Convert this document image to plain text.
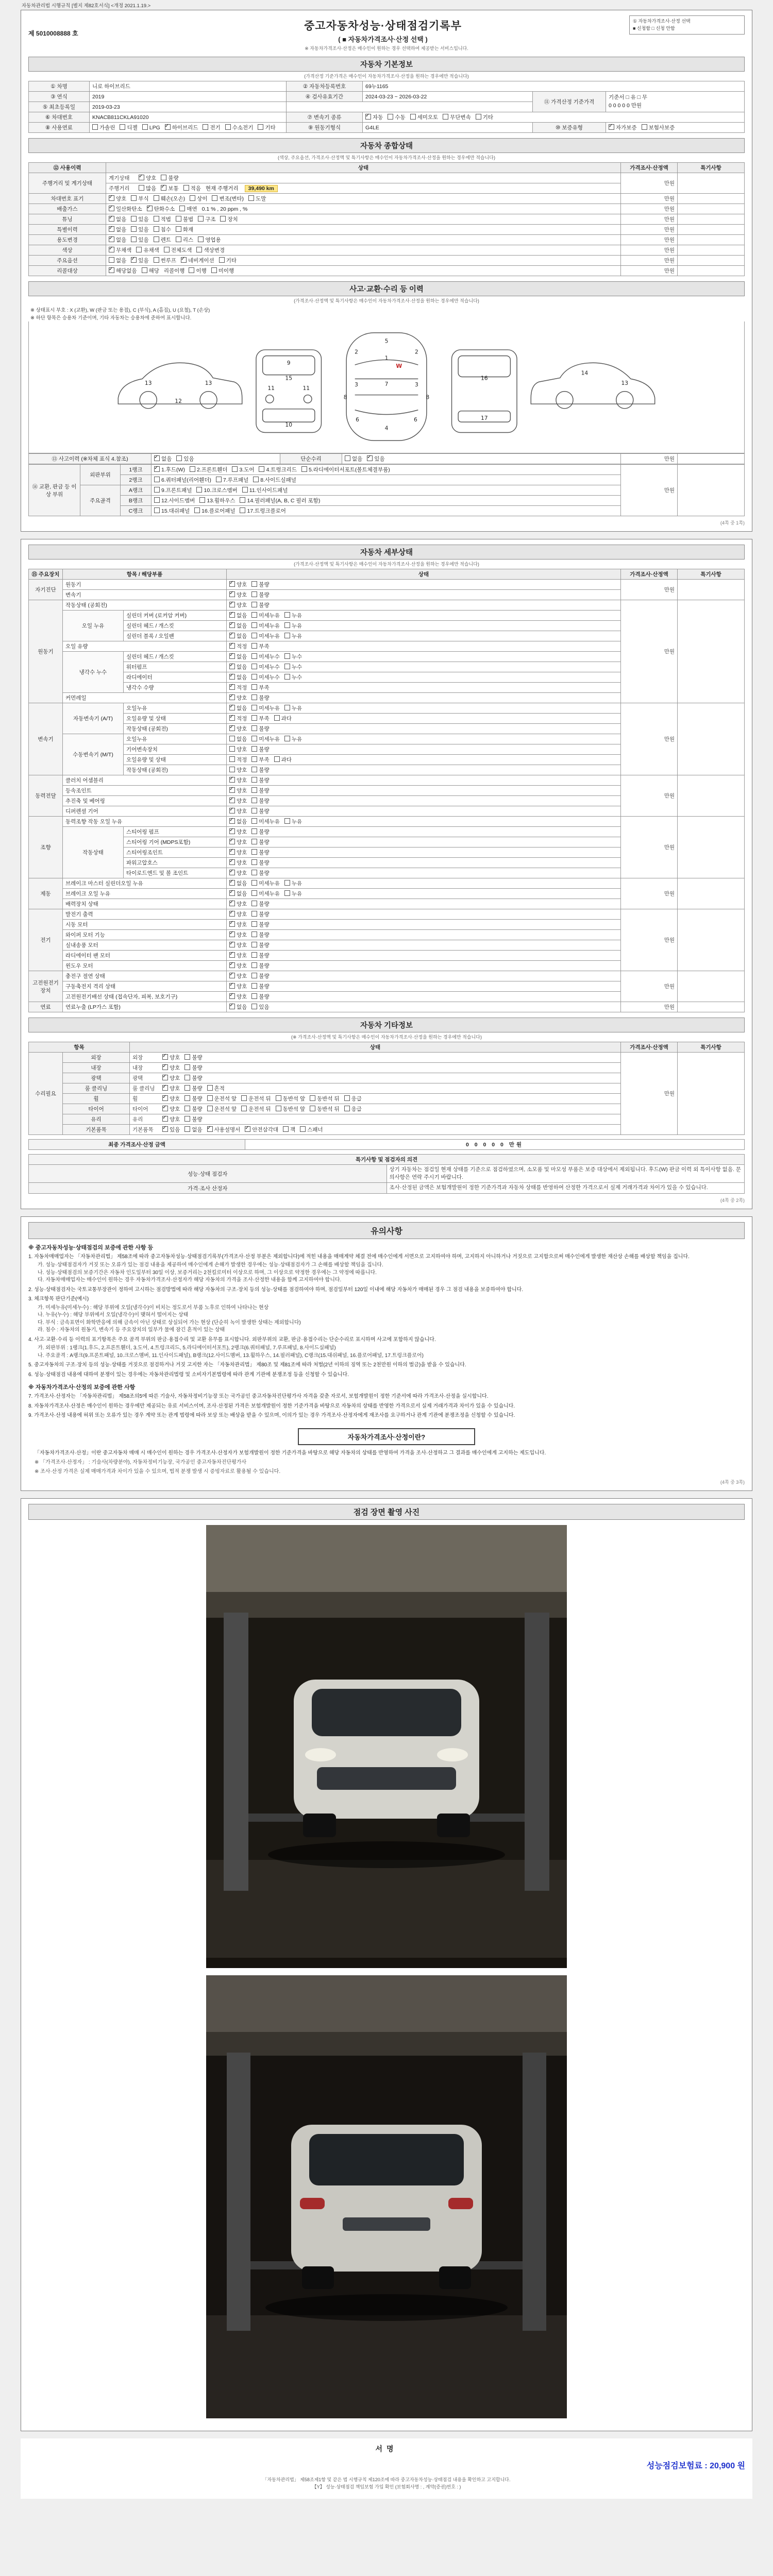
자동차관리법 시행규칙 [별지 제82호서식] <개정 2021.1.19.>
제 5010008888 호
중고자동차성능·상태점검기록부
( ■ 자동차가격조사·산정 선택 )
① 자동차가격조사·산정 선택
■ 신청함 □ 신청 안함
※ 자동차가격조사·산정은 매수인이 원하는 경우 선택하여 제공받는 서비스입니다.
자동차 기본정보
(가격산정 기준가격은 매수인이 자동차가격조사·산정을 원하는 경우에만 적습니다)
① 차명	니로 하이브리드	② 자동차등록번호	69누1165		
③ 연식	2019	④ 검사유효기간	2024-03-23 ~ 2026-03-22	⑪ 가격산정 기준가격	기준서 □ 유 □ 무
0 0 0 0 0 만원

⑤ 최초등록일	2019-03-23				
⑥ 차대번호	KNACB811CKLA91020	⑦ 변속기 종류	✓자동 수동 세미오토 무단변속 기타
⑧ 사용연료	가솔린 디젤 LPG ✓ 하이브리드 전기 수소전기 기타	⑨ 원동기형식	G4LE	⑩ 보증유형	✓자가보증 보험사보증
자동차 종합상태
(색상, 주요옵션, 가격조사·산정액 및 특기사항은 매수인이 자동차가격조사·산정을 원하는 경우에만 적습니다)
⑫ 사용이력	상태	가격조사·산정액	특기사항
주행거리 및 계기상태	계기상태 ✓ 양호 불량	만원	
	주행거리 많음 ✓ 보통 적음 현재 주행거리 39,490 km
차대번호 표기	✓양호 부식 훼손(오손) 상이 변조(변타) 도말	만원	
배출가스	✓일산화탄소 ✓ 탄화수소 매연 0.1 % , 20 ppm , %	만원	
튜닝	✓없음 있음 적법 불법 구조 장치	만원	
특별이력	✓없음 있음 침수 화재	만원	
용도변경	✓없음 있음 렌트 리스 영업용	만원	
색상	✓무채색 유채색 전체도색 색상변경	만원	
주요옵션	없음 ✓ 있음 썬루프 ✓ 네비게이션 기타	만원	
리콜대상	✓해당없음 해당 리콜이행 이행 미이행	만원	
사고·교환·수리 등 이력
(가격조사·산정액 및 특기사항은 매수인이 자동차가격조사·산정을 원하는 경우에만 적습니다)
※ 상태표시 부호 : X (교환), W (판금 또는 용접), C (부식), A (흠집), U (요철), T (손상)
※ 하단 항목은 승용차 기준이며, 기타 자동차는 승용차에 준하여 표시합니다.
5
1
2	2
3	3
7
8	8
6	6
4
9
15
11	11
10
16
17
12
13	13
14
13
W
⑬ 사고이력 (※차체 표식 4.참조)	✓없음 있음	단순수리	없음 ✓ 있음	만원	
⑭ 교환, 판금 등 이상 부위	외판부위	1랭크	✓1.후드(W) 2.프론트휀더 3.도어 4.트렁크리드 5.라디에이터서포트(볼트체결부품)	만원	
		2랭크	6.쿼터패널(리어휀더) 7.루프패널 8.사이드실패널		
	주요골격	A랭크	9.프론트패널 10.크로스멤버 11.인사이드패널		
		B랭크	12.사이드멤버 13.휠하우스 14.필러패널(A, B, C 필러 포함)		
		C랭크	15.대쉬패널 16.플로어패널 17.트렁크플로어		
(4쪽 중 1쪽)
자동차 세부상태
(가격조사·산정액 및 특기사항은 매수인이 자동차가격조사·산정을 원하는 경우에만 적습니다)
⑮ 주요장치	항목 / 해당부품		상태	가격조사·산정액	특기사항
자기진단	원동기	✓양호 불량	만원	
	변속기	✓양호 불량
원동기	작동상태 (공회전)	✓양호 불량	만원	
	오일 누유	실린더 커버 (로커암 커버)	✓없음 미세누유 누유
		실린더 헤드 / 개스킷	✓없음 미세누유 누유
		실린더 블록 / 오일팬	✓없음 미세누유 누유
	오일 유량	✓적정 부족
	냉각수 누수	실린더 헤드 / 개스킷	✓없음 미세누수 누수
		워터펌프	✓없음 미세누수 누수
		라디에이터	✓없음 미세누수 누수
		냉각수 수량	✓적정 부족
	커먼레일	✓양호 불량
변속기	자동변속기 (A/T)	오일누유	✓없음 미세누유 누유	만원	
		오일유량 및 상태	✓적정 부족 과다
		작동상태 (공회전)	✓양호 불량
	수동변속기 (M/T)	오일누유	없음 미세누유 누유		
		기어변속장치	양호 불량		
		오일유량 및 상태	적정 부족 과다		
		작동상태 (공회전)	양호 불량		
동력전달	클러치 어셈블리	✓양호 불량	만원	
	등속조인트	✓양호 불량
	추진축 및 베어링	✓양호 불량
	디퍼렌셜 기어	✓양호 불량
조향	동력조향 작동 오일 누유	✓없음 미세누유 누유	만원	
	작동상태	스티어링 펌프	✓양호 불량
		스티어링 기어 (MDPS포함)	✓양호 불량
		스티어링조인트	✓양호 불량
		파워고압호스	✓양호 불량
		타이로드엔드 및 볼 조인트	✓양호 불량
제동	브레이크 마스터 실린더오일 누유	✓없음 미세누유 누유	만원	
	브레이크 오일 누유	✓없음 미세누유 누유
	배력장치 상태	✓양호 불량
전기	발전기 출력	✓양호 불량	만원	
	시동 모터	✓양호 불량
	와이퍼 모터 기능	✓양호 불량
	실내송풍 모터	✓양호 불량
	라디에이터 팬 모터	✓양호 불량
	윈도우 모터	✓양호 불량
고전원전기장치	충전구 절연 상태	✓양호 불량	만원	
	구동축전지 격리 상태	✓양호 불량
	고전원전기배선 상태 (접속단자, 피복, 보호기구)	✓양호 불량
연료	연료누출 (LP가스 포함)	✓없음 있음	만원	
자동차 기타정보
(※ 가격조사·산정액 및 특기사항은 매수인이 자동차가격조사·산정을 원하는 경우에만 적습니다)
항목		상태	가격조사·산정액	특기사항
수리필요	외장	외장 ✓ 양호 불량	만원	
	내장	내장 ✓ 양호 불량
	광택	광택 ✓ 양호 불량
	룸 클리닝	룸 클리닝 ✓ 양호 불량 흔적
	휠	휠 ✓ 양호 불량 운전석 앞 운전석 뒤 동반석 앞 동반석 뒤 응급
	타이어	타이어 ✓ 양호 불량 운전석 앞 운전석 뒤 동반석 앞 동반석 뒤 응급
	유리	유리 ✓ 양호 불량
	기본품목	기본품목 ✓ 있음 없음 ✓ 사용설명서 ✓ 안전삼각대 잭 스패너
최종 가격조사·산정 금액	0 0 0 0 0 만원
특기사항 및 점검자의 의견	
성능·상태 점검자	상기 자동차는 점검일 현재 상태를 기준으로 점검하였으며, 소모품 및 마모성 부품은 보증 대상에서 제외됩니다. 후드(W) 판금 이력 외 특이사항 없음. 문의사항은 연락 주시기 바랍니다.
가격·조사 산정자	조사·산정된 금액은 보험개발원이 정한 기준가격과 자동차 상태를 반영하여 산정한 가격으로서 실제 거래가격과 차이가 있을 수 있습니다.
(4쪽 중 2쪽)
유의사항
※ 중고자동차성능·상태점검의 보증에 관한 사항 등
1. 자동차매매업자는 「자동차관리법」 제58조에 따라 중고자동차성능·상태점검기록부(가격조사·산정 부분은 제외합니다)에 적힌 내용을 매매계약 체결 전에 매수인에게 서면으로 고지하여야 하며, 고지하지 아니하거나 거짓으로 고지함으로써 매수인에게 발생한 재산상 손해를 배상할 책임을 집니다.
가. 성능·상태점검자가 거짓 또는 오류가 있는 점검 내용을 제공하여 매수인에게 손해가 발생한 경우에는 성능·상태점검자가 그 손해를 배상할 책임을 집니다.
나. 성능·상태점검의 보증기간은 자동차 인도일부터 30일 이상, 보증거리는 2천킬로미터 이상으로 하며, 그 이상으로 약정한 경우에는 그 약정에 따릅니다.
다. 자동차매매업자는 매수인이 원하는 경우 자동차가격조사·산정자가 해당 자동차의 가격을 조사·산정한 내용을 함께 고지하여야 합니다.
2. 성능·상태점검자는 국토교통부장관이 정하여 고시하는 점검방법에 따라 해당 자동차의 구조·장치 등의 성능·상태를 점검하여야 하며, 점검일부터 120일 이내에 해당 자동차가 매매된 경우 그 점검 내용을 보증하여야 합니다.
3. 체크항목 판단기준(예시)
가. 미세누유(미세누수) : 해당 부위에 오일(냉각수)이 비치는 정도로서 부품 노후로 인하여 나타나는 현상
나. 누유(누수) : 해당 부위에서 오일(냉각수)이 맺혀서 떨어지는 상태
다. 부식 : 금속표면이 화학반응에 의해 금속이 아닌 상태로 상실되어 가는 현상 (단순히 녹이 발생한 상태는 제외합니다)
라. 침수 : 자동차의 원동기, 변속기 등 주요장치의 일부가 물에 잠긴 흔적이 있는 상태
4. 사고·교환·수리 등 이력의 표기항목은 주요 골격 부위의 판금·용접수리 및 교환 유무를 표시합니다. 외판부위의 교환, 판금·용접수리는 단순수리로 표시하며 사고에 포함하지 않습니다.
가. 외판부위 : 1랭크(1.후드, 2.프론트휀더, 3.도어, 4.트렁크리드, 5.라디에이터서포트), 2랭크(6.쿼터패널, 7.루프패널, 8.사이드실패널)
나. 주요골격 : A랭크(9.프론트패널, 10.크로스멤버, 11.인사이드패널), B랭크(12.사이드멤버, 13.휠하우스, 14.필러패널), C랭크(15.대쉬패널, 16.플로어패널, 17.트렁크플로어)
5. 중고자동차의 구조·장치 등의 성능·상태를 거짓으로 점검하거나 거짓 고지한 자는 「자동차관리법」 제80조 및 제81조에 따라 처벌(2년 이하의 징역 또는 2천만원 이하의 벌금)을 받을 수 있습니다.
6. 성능·상태점검 내용에 대하여 분쟁이 있는 경우에는 자동차관리법령 및 소비자기본법령에 따라 관계 기관에 분쟁조정 등을 신청할 수 있습니다.
※ 자동차가격조사·산정의 보증에 관한 사항
7. 가격조사·산정자는 「자동차관리법」 제58조의5에 따른 기술사, 자동차정비기능장 또는 국가공인 중고자동차진단평가사 자격을 갖춘 자로서, 보험개발원이 정한 기준서에 따라 가격조사·산정을 실시합니다.
8. 자동차가격조사·산정은 매수인이 원하는 경우에만 제공되는 유료 서비스이며, 조사·산정된 가격은 보험개발원이 정한 기준가격을 바탕으로 자동차의 상태를 반영한 가격으로서 실제 거래가격과 차이가 있을 수 있습니다.
9. 가격조사·산정 내용에 허위 또는 오류가 있는 경우 계약 또는 관계 법령에 따라 보상 또는 배상을 받을 수 있으며, 이의가 있는 경우 가격조사·산정자에게 재조사를 요구하거나 관계 기관에 분쟁조정을 신청할 수 있습니다.
자동차가격조사·산정이란?
「자동차가격조사·산정」이란 중고자동차 매매 시 매수인이 원하는 경우 가격조사·산정자가 보험개발원이 정한 기준가격을 바탕으로 해당 자동차의 상태를 반영하여 가격을 조사·산정하고 그 결과를 매수인에게 고지하는 제도입니다.
※ 「가격조사·산정자」 : 기술사(차량분야), 자동차정비기능장, 국가공인 중고자동차진단평가사
※ 조사·산정 가격은 실제 매매가격과 차이가 있을 수 있으며, 법적 분쟁 발생 시 증빙자료로 활용될 수 있습니다.
(4쪽 중 3쪽)
점검 장면 촬영 사진
서명
성능점검보험료 : 20,900 원
「자동차관리법」 제58조제1항 및 같은 법 시행규칙 제120조에 따라 중고자동차성능·상태점검 내용을 확인하고 고지합니다.
【Y】 성능·상태점검 책임보험 가입 확인 (보험회사명 : , 계약(증권)번호 : )
